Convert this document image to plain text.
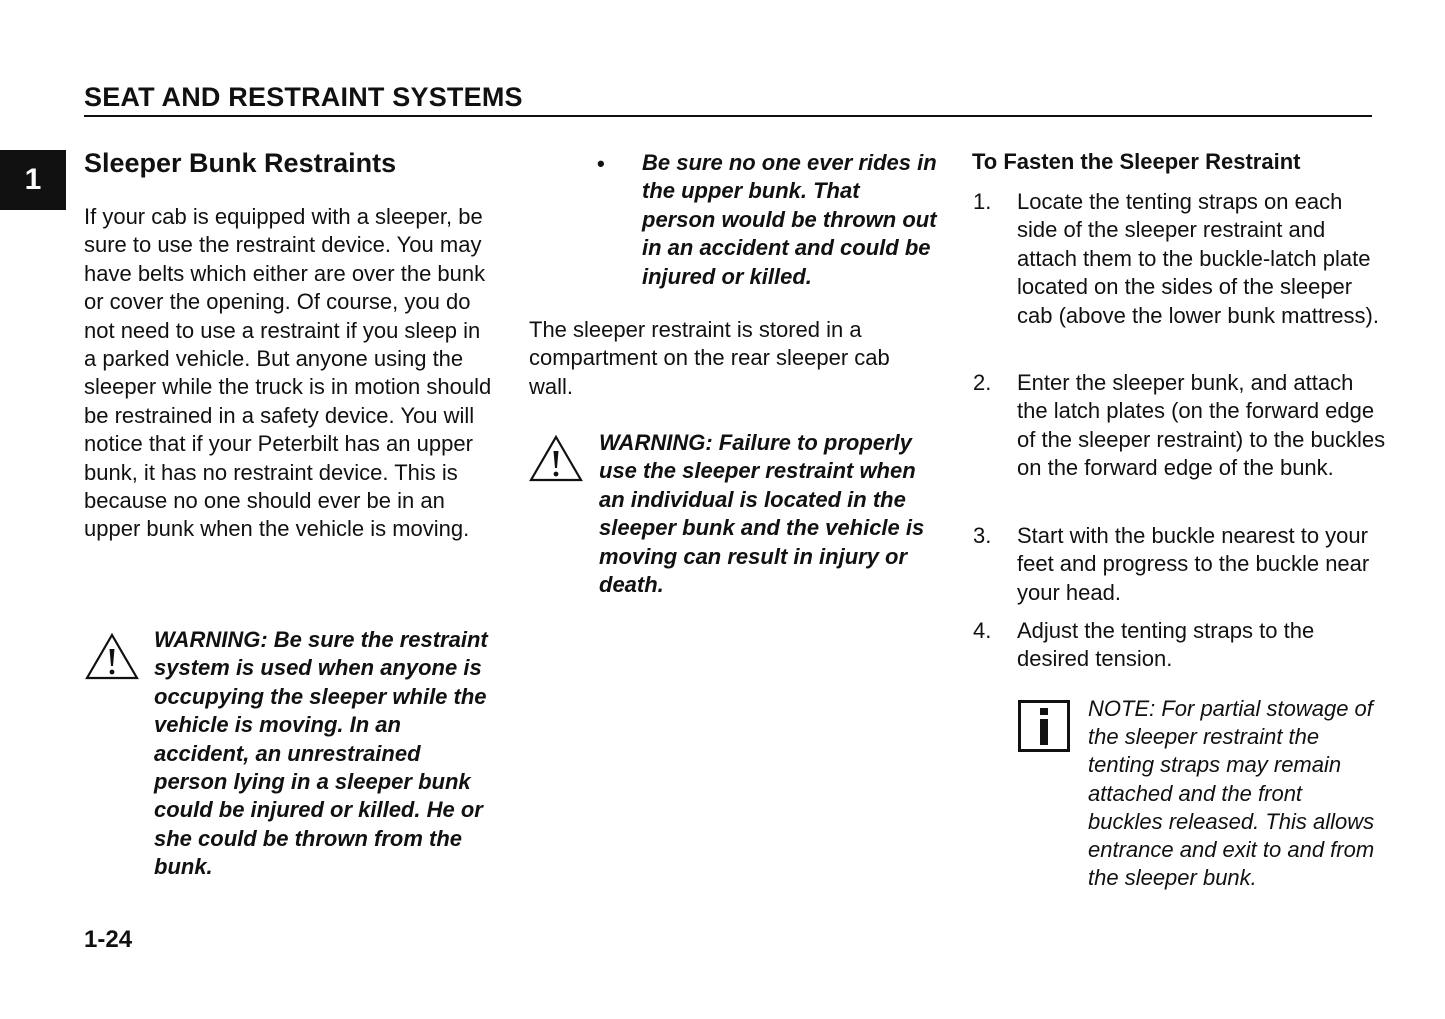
SEAT AND RESTRAINT SYSTEMS
1	Sleeper Bunk Restraints

If your cab is equipped with a sleeper, be sure to use the restraint device. You may have belts which either are over the bunk or cover the opening. Of course, you do not need to use a restraint if you sleep in a parked vehicle. But anyone using the sleeper while the truck is in motion should be restrained in a safety device. You will notice that if your Peterbilt has an upper bunk, it has no restraint device. This is because no one should ever be in an upper bunk when the vehicle is moving.

WARNING: Be sure the restraint system is used when anyone is occupying the sleeper while the vehicle is moving. In an accident, an unrestrained person lying in a sleeper bunk could be injured or killed. He or she could be thrown from the bunk.

• Be sure no one ever rides in the upper bunk. That person would be thrown out in an accident and could be injured or killed.

The sleeper restraint is stored in a compartment on the rear sleeper cab wall.

WARNING: Failure to properly use the sleeper restraint when an individual is located in the sleeper bunk and the vehicle is moving can result in injury or death.

To Fasten the Sleeper Restraint
1. Locate the tenting straps on each side of the sleeper restraint and attach them to the buckle-latch plate located on the sides of the sleeper cab (above the lower bunk mattress).

2. Enter the sleeper bunk, and attach the latch plates (on the forward edge of the sleeper restraint) to the buckles on the forward edge of the bunk.

3. Start with the buckle nearest to your feet and progress to the buckle near your head.

4. Adjust the tenting straps to the desired tension.

NOTE: For partial stowage of the sleeper restraint the tenting straps may remain attached and the front buckles released. This allows entrance and exit to and from the sleeper bunk.

1-24
